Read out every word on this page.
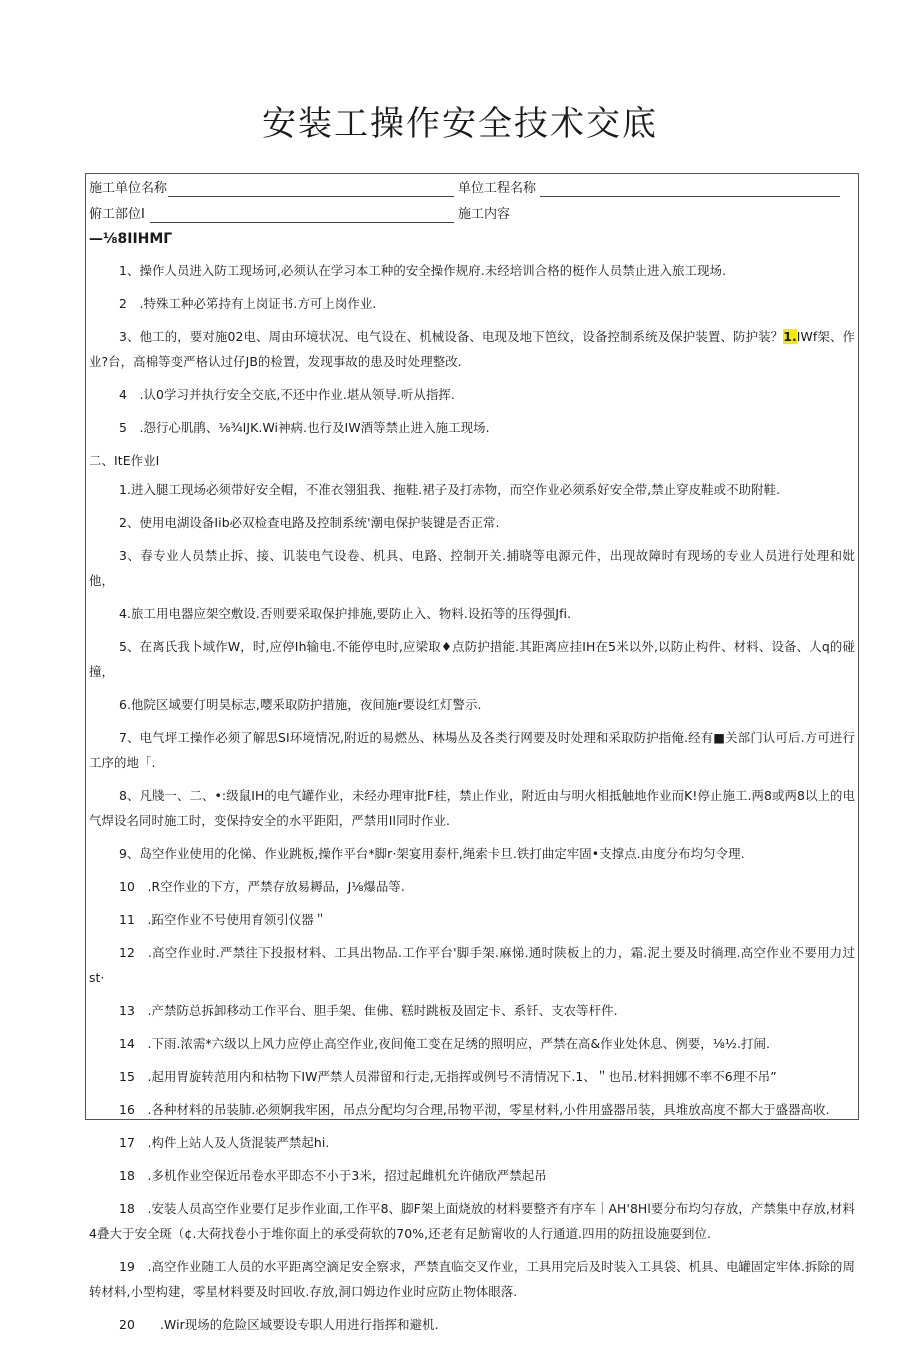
安装工操作安全技术交底
施工单位名称	单位工程名称
俯工部位I	施工内容
—⅛8IIHMΓ

1、操作人员进入防工现场诃,必须认在学习本工种的安全操作规府.未经培训合格的梃作人员禁止进入旅工现场.

2　.特殊工种必笫持有上岗证书.方可上岗作业.

3、他工的，要对施02电、周由环境状况、电气设在、机械设备、电现及地下笆纹，设备控制系统及保护装置、防护装？1.IWf架、作业?台，高棉等变严格认过仔JB的检置，发现事故的患及时处理整改.

4　.认0学习并执行安全交底,不还中作业.堪从领导.听从指挥.

5　.怨行心肌鹃、⅛¾IJK.Wi神病.也行及IW酒等禁止进入施工现场.

二、ItE作业I

1.进入腿工现场必须带好安全帽，不准衣翎狙我、拖鞋.裙子及打赤物，而空作业必须系好安全带,禁止穿皮鞋或不助附鞋.

2、使用电湖设备Iib必双检查电路及控制系统'潮电保护装键是否正常.

3、春专业人员禁止拆、接、讥装电气设卷、机具、电路、控制开关.捕晓等电源元件，出现故障时有现场的专业人员进行处理和妣他，

4.旅工用电器应架空敷设.否则要采取保护排施,要防止入、物料.设拓等的压得强Jfi.

5、在离氏我卜域作W，时,应停Ih输电.不能停电时,应梁取♦点防护措能.其距离应挂IH在5米以外,以防止构件、材料、设备、人q的碰撞，

6.他院区域要仃明昊标志,嘤釆取防护措施，夜间施r要设红灯警示.

7、电气坪工操作必须了解思SI环境情况,附近的易燃丛、林場丛及各类行网要及时处理和采取防护指俺.经有■关部门认可后.方可进行工序的地「.

8、凡牋一、二、•:级鼠IH的电气罐作业，未经办理审批F桂，禁止作业，附近由与明火相抵触地作业而K!停止施工.两8或两8以上的电气焊设名同时施工时，变保持安全的水平距阳，严禁用Il同时作业.

9、岛空作业使用的化悌、作业跳板,操作平台*脚r·架宴用泰杆,绳索卡旦.铁打曲定牢固•支撑点.由度分布均匀令理.

10　.R空作业的下方，严禁存放易耨品，J⅛爆品等.

11　.跖空作业不号使用育领引仪器＂

12　.高空作业时.严禁往下投报材料、工具出物品.工作平台'脚手架.麻悌.通时陕板上的力，霜.泥土要及时徜理.高空作业不要用力过st·

13　.产禁防总拆卸移动工作平台、胆手架、隹佛、糕时跳板及固定卡、系钎、支农等杆件.

14　.下雨.浓需*六级以上风力应停止高空作业,夜间俺工变在足绣的照明应，严禁在高&作业处休息、例要，⅛½.打闹.

15　.起用胃旋转范用内和枯物下IW严禁人员滞留和行走,无指挥或例号不清情况下.1、＂也吊.材料拥娜不率不6理不吊”

16　.各种材料的吊装肺.必须婀我牢困，吊点分配均匀合理,吊物平沏，零星材料,小件用盛器吊装，具堆放高度不都大于盛器高收.

17　.构件上站人及人货混装严禁起hi.

18　.多机作业空保近吊卷水平即态不小于3米，招过起雌机允许储欣严禁起吊

18　.安装人员高空作业要仃足步作业面,工作平8、脚F架上面烧放的材料要整齐有序车｜AH'8Hl要分布均匀存放，产禁集中存放,材料4叠大于安全斑（¢.大荷找卷小于堆你面上的承受荷软的70%,还老有足魴甯收的人行通道.四用的防扭设施耍到位.

19　.高空作业随工人员的水平距离空滴足安全察求，严禁直临交叉作业，工具用完后及时装入工具袋、机具、电罐固定牢体.拆除的周转材料,小型构建，零星材料要及时回收.存放,洞口姆边作业时应防止物体眼落.

20　　.Wir现场的危险区域要设专职人用进行指挥和避机.
